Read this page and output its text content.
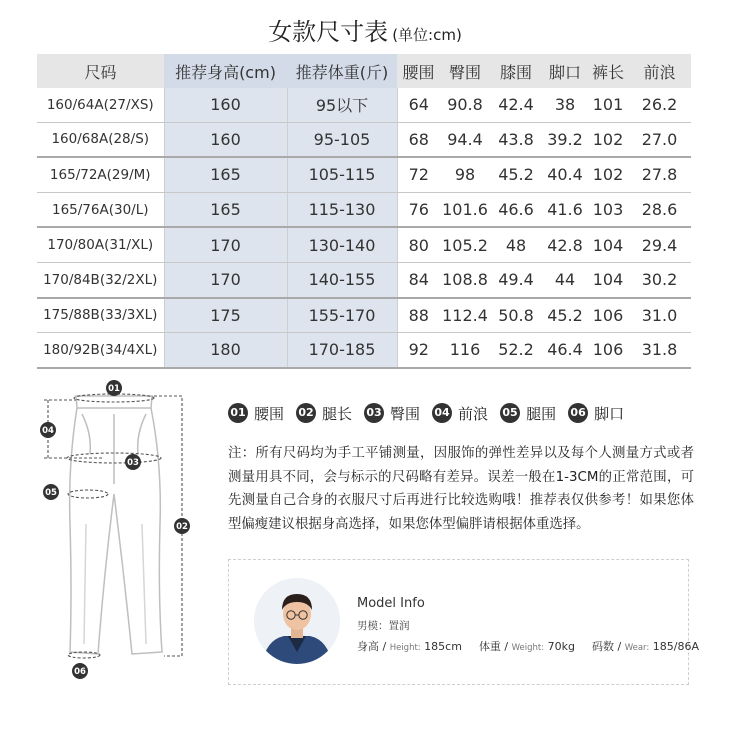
女款尺寸表 (单位:cm)
尺码	推荐身高(cm)	推荐体重(斤)	腰围	臀围	膝围	脚口	裤长	前浪
160/64A(27/XS)	160	95以下	64	90.8	42.4	38	101	26.2
160/68A(28/S)	160	95-105	68	94.4	43.8	39.2	102	27.0
165/72A(29/M)	165	105-115	72	98	45.2	40.4	102	27.8
165/76A(30/L)	165	115-130	76	101.6	46.6	41.6	103	28.6
170/80A(31/XL)	170	130-140	80	105.2	48	42.8	104	29.4
170/84B(32/2XL)	170	140-155	84	108.8	49.4	44	104	30.2
175/88B(33/3XL)	175	155-170	88	112.4	50.8	45.2	106	31.0
180/92B(34/4XL)	180	170-185	92	116	52.2	46.4	106	31.8
01
04
03
05
02
06
01 腰围 02 腿长 03 臀围 04 前浪 05 腿围 06 脚口
注：所有尺码均为手工平铺测量，因服饰的弹性差异以及每个人测量方式或者测量用具不同，会与标示的尺码略有差异。误差一般在1-3CM的正常范围，可先测量自己合身的衣服尺寸后再进行比较选购哦！推荐表仅供参考！如果您体型偏瘦建议根据身高选择，如果您体型偏胖请根据体重选择。
Model Info
男模：置润
身高 / Height: 185cm 体重 / Weight: 70kg 码数 / Wear: 185/86A
